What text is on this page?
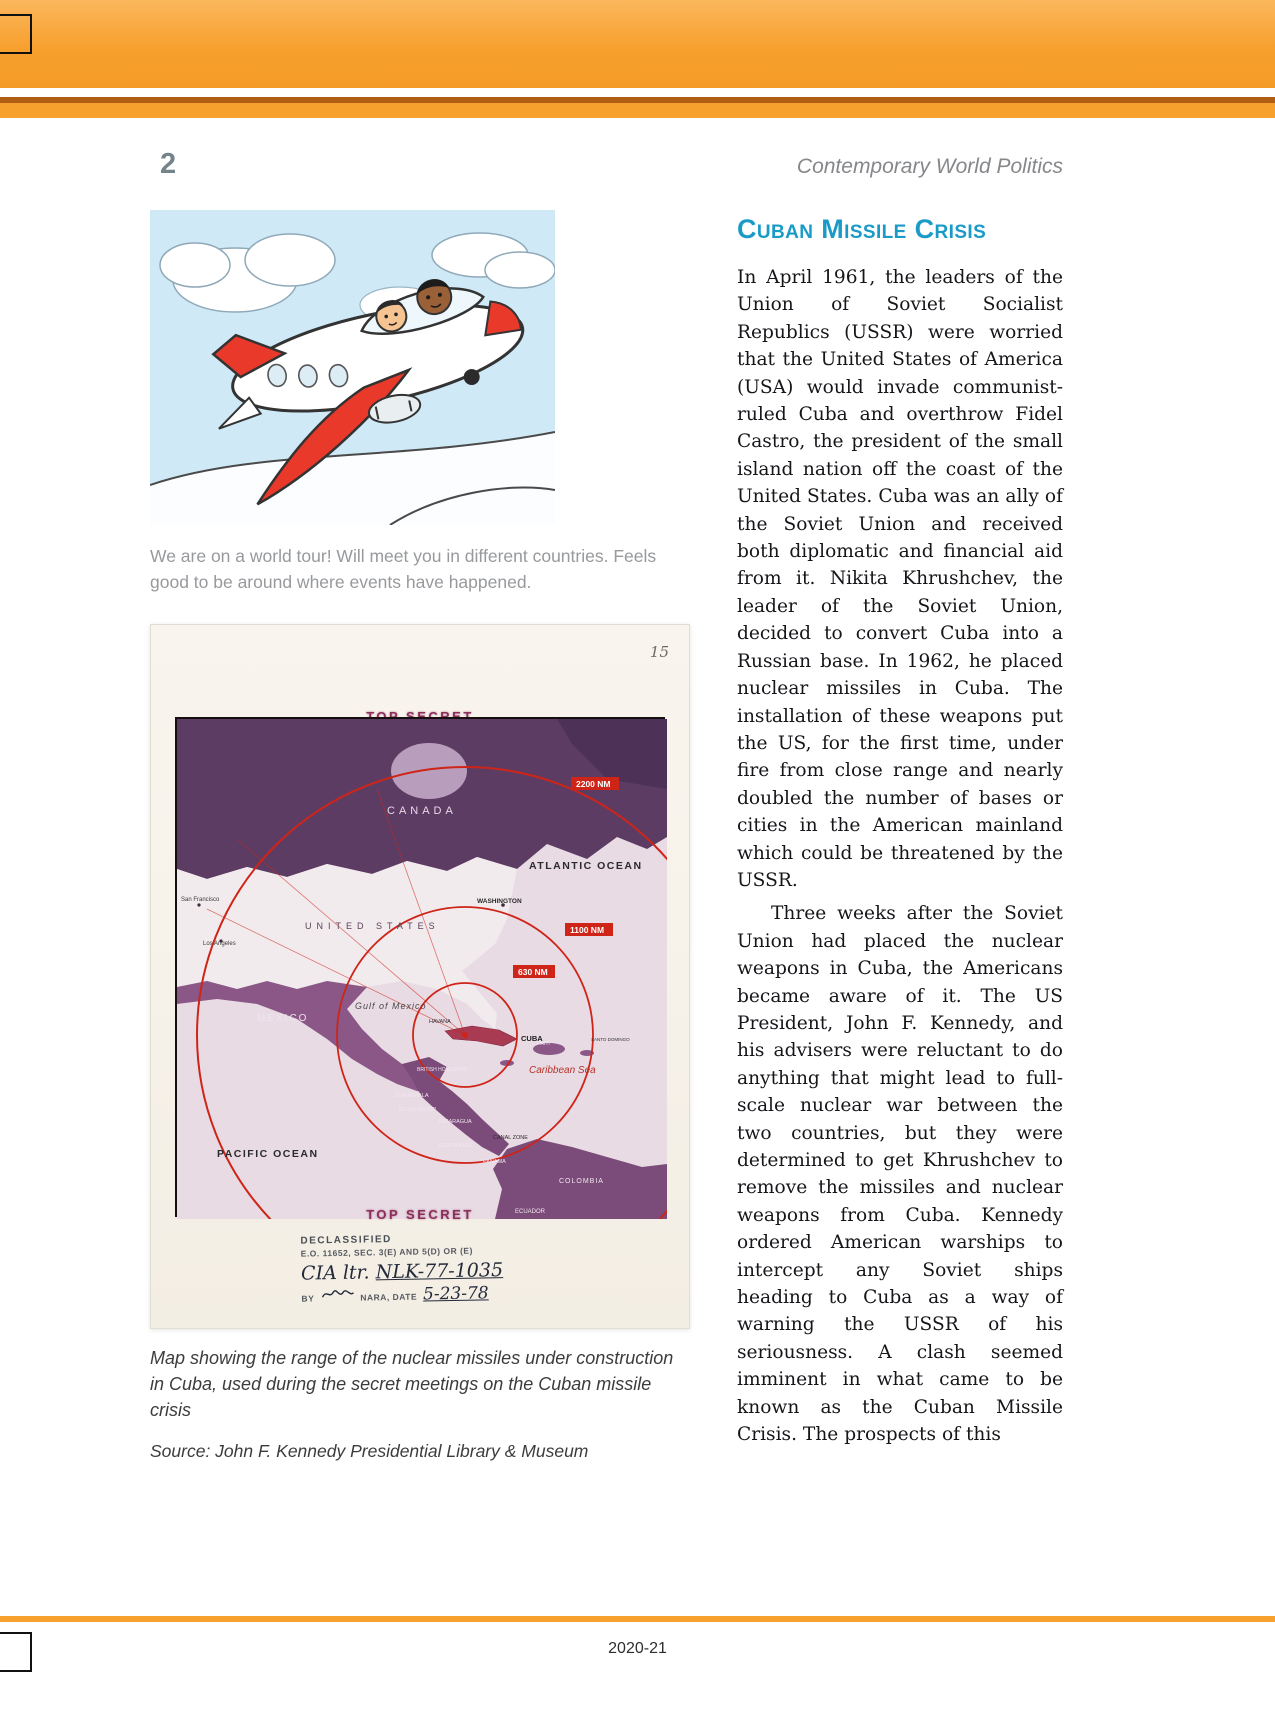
2	Contemporary World Politics

We are on a world tour! Will meet you in different countries. Feels good to be around where events have happened.

15
CANADA
UNITED STATES
ATLANTIC OCEAN
PACIFIC OCEAN
Gulf of Mexico
MEXICO
CUBA
HAVANA
Caribbean Sea
BRITISH HONDURAS
GUATEMALA
EL SALVADOR
NICARAGUA
COSTA RICA
CANAL ZONE
PANAMA
COLOMBIA
ECUADOR
HAITI
SANTO DOMINGO
WASHINGTON
San Francisco
Los Angeles
2200 NM
1100 NM
630 NM
TOP SECRET
DECLASSIFIED
E.O. 11652, SEC. 3(E) AND 5(D) OR (E)
CIA ltr. NLK-77-1035
BY	NARA, DATE 5-23-78

Map showing the range of the nuclear missiles under construction in Cuba, used during the secret meetings on the Cuban missile crisis

Source: John F. Kennedy Presidential Library & Museum

Cuban Missile Crisis

In April 1961, the leaders of the Union of Soviet Socialist Republics (USSR) were worried that the United States of America (USA) would invade communist-ruled Cuba and overthrow Fidel Castro, the president of the small island nation off the coast of the United States. Cuba was an ally of the Soviet Union and received both diplomatic and financial aid from it. Nikita Khrushchev, the leader of the Soviet Union, decided to convert Cuba into a Russian base. In 1962, he placed nuclear missiles in Cuba. The installation of these weapons put the US, for the first time, under fire from close range and nearly doubled the number of bases or cities in the American mainland which could be threatened by the USSR.

Three weeks after the Soviet Union had placed the nuclear weapons in Cuba, the Americans became aware of it. The US President, John F. Kennedy, and his advisers were reluctant to do anything that might lead to full-scale nuclear war between the two countries, but they were determined to get Khrushchev to remove the missiles and nuclear weapons from Cuba. Kennedy ordered American warships to intercept any Soviet ships heading to Cuba as a way of warning the USSR of his seriousness. A clash seemed imminent in what came to be known as the Cuban Missile Crisis. The prospects of this

2020-21
